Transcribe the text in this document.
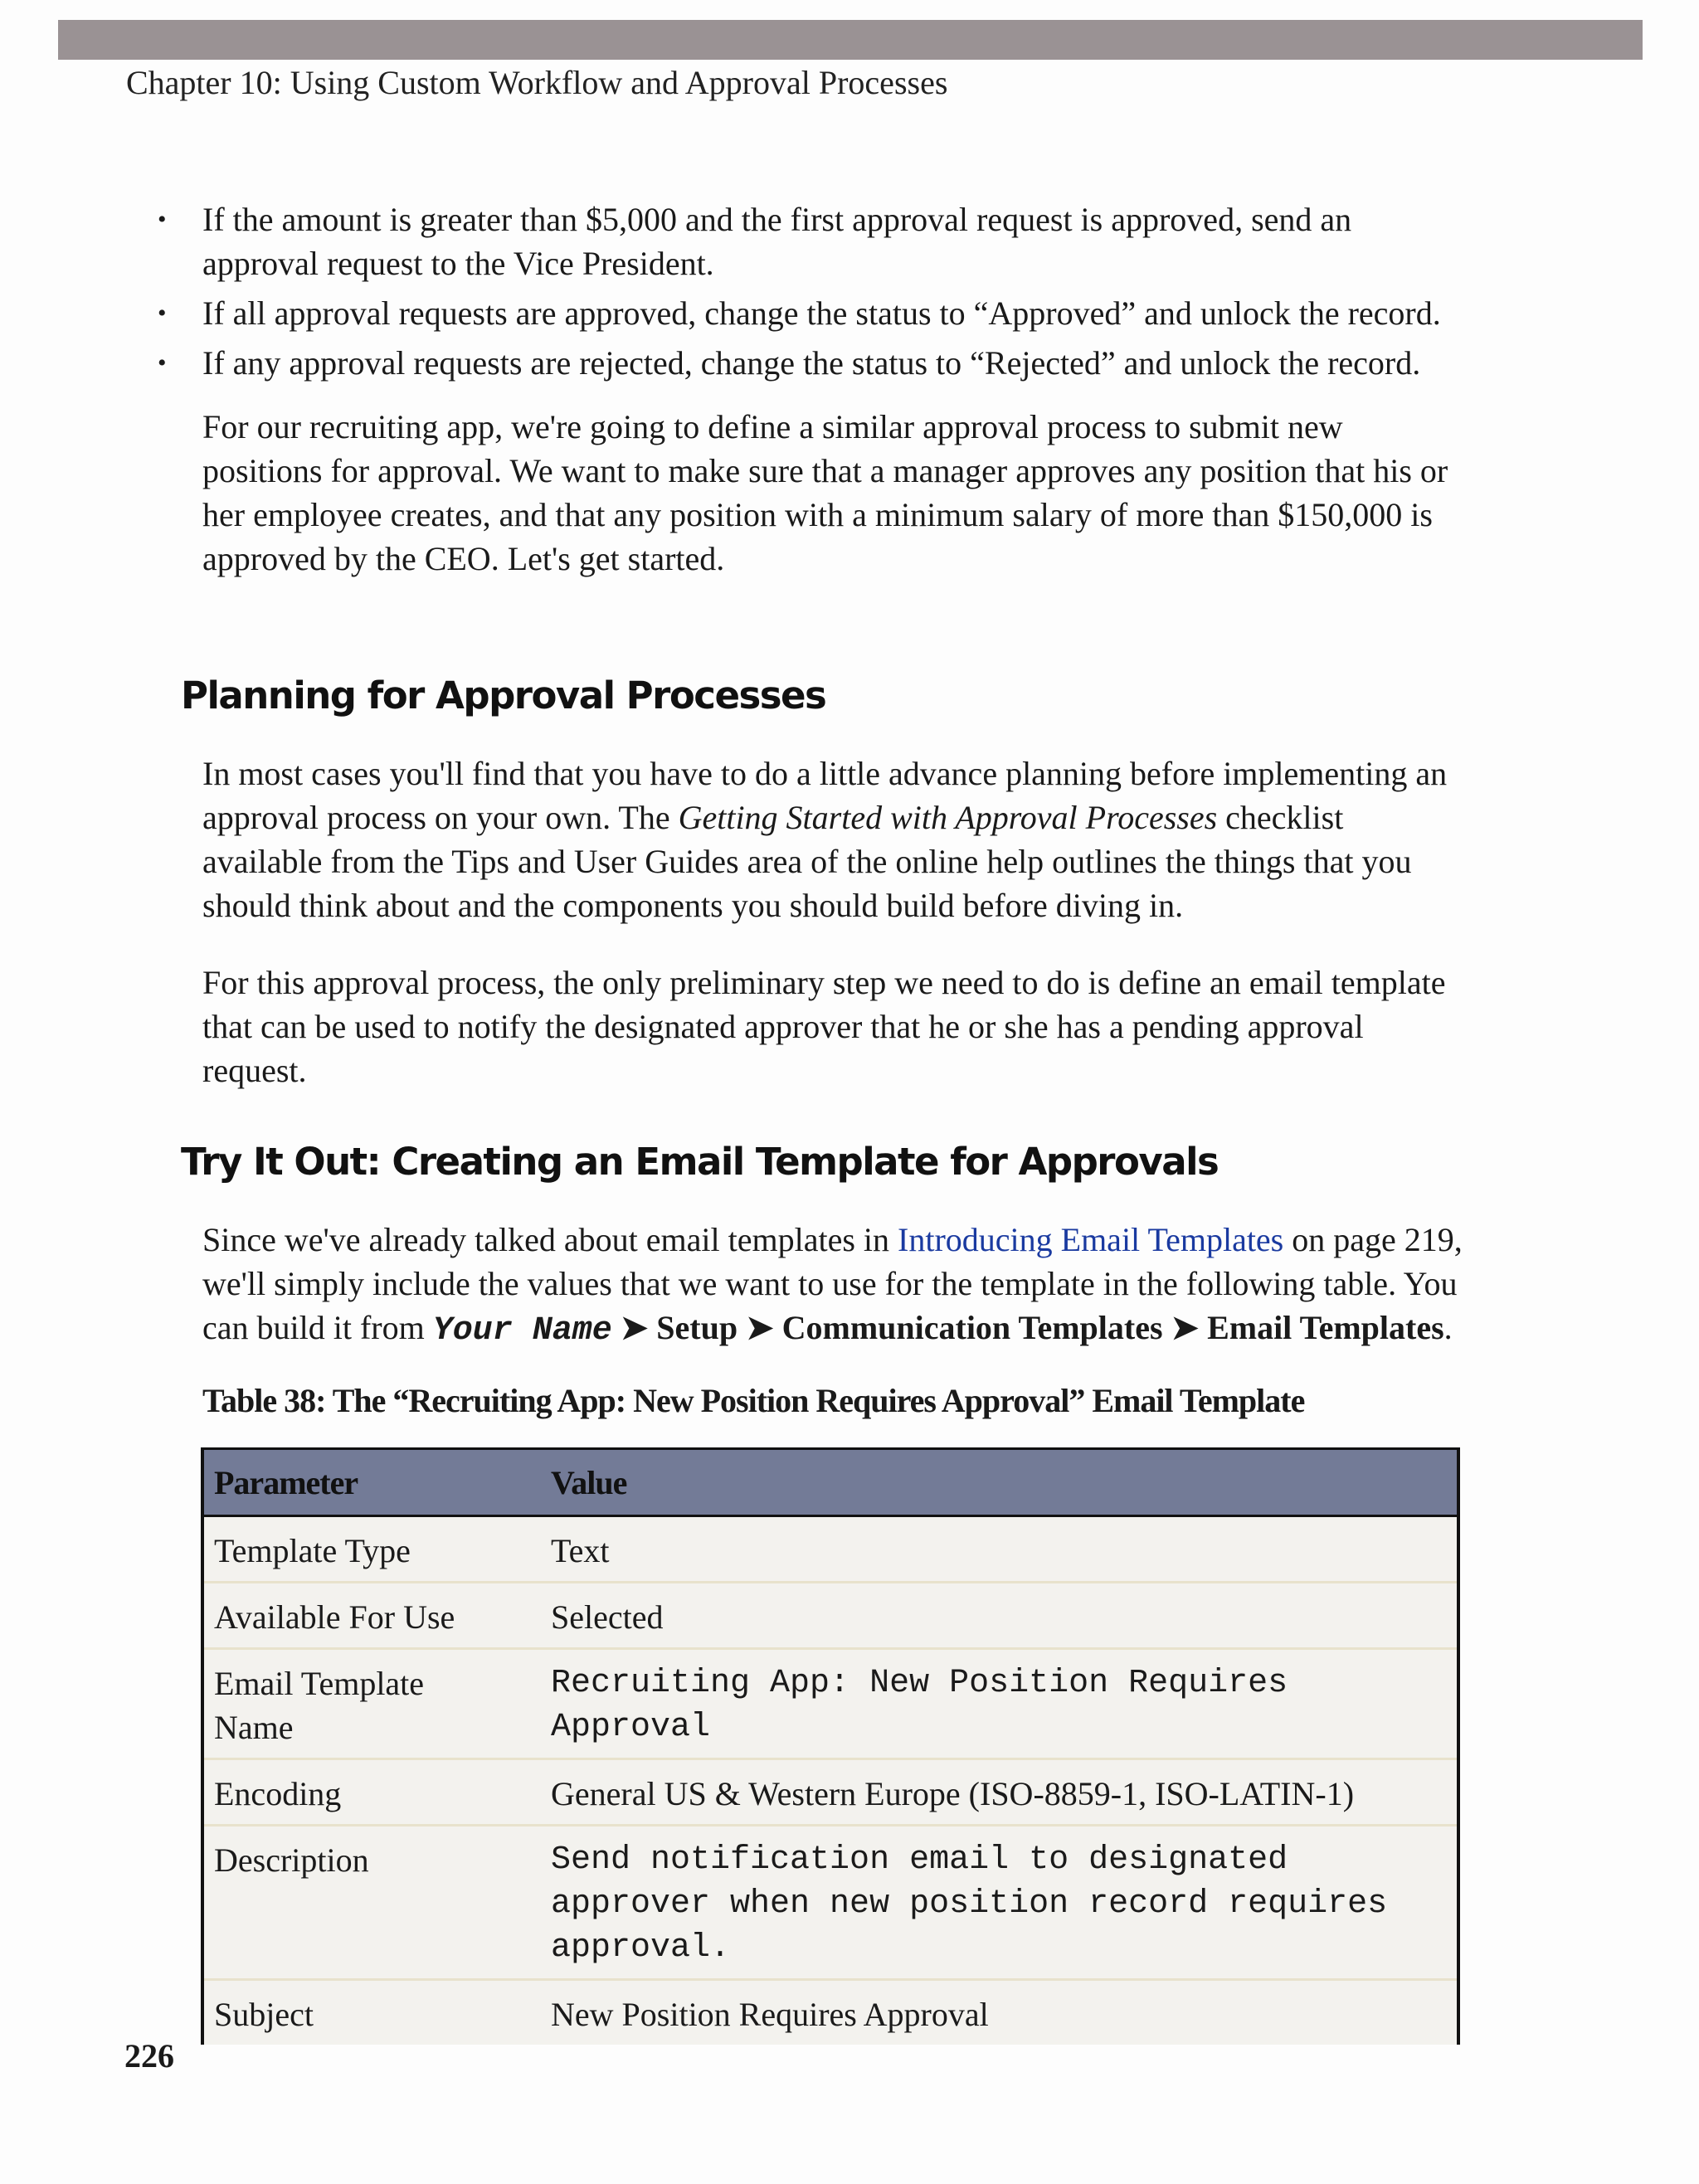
Chapter 10: Using Custom Workflow and Approval Processes
• If the amount is greater than $5,000 and the first approval request is approved, send an approval request to the Vice President.
• If all approval requests are approved, change the status to “Approved” and unlock the record.
• If any approval requests are rejected, change the status to “Rejected” and unlock the record.

For our recruiting app, we're going to define a similar approval process to submit new positions for approval. We want to make sure that a manager approves any position that his or her employee creates, and that any position with a minimum salary of more than $150,000 is approved by the CEO. Let's get started.

Planning for Approval Processes

In most cases you'll find that you have to do a little advance planning before implementing an approval process on your own. The Getting Started with Approval Processes checklist available from the Tips and User Guides area of the online help outlines the things that you should think about and the components you should build before diving in.

For this approval process, the only preliminary step we need to do is define an email template that can be used to notify the designated approver that he or she has a pending approval request.

Try It Out: Creating an Email Template for Approvals

Since we've already talked about email templates in Introducing Email Templates on page 219, we'll simply include the values that we want to use for the template in the following table. You can build it from Your Name ➤ Setup ➤ Communication Templates ➤ Email Templates.

Table 38: The “Recruiting App: New Position Requires Approval” Email Template

Parameter	Value
Template Type	Text
Available For Use	Selected
Email Template Name	Recruiting App: New Position Requires Approval
Encoding	General US & Western Europe (ISO-8859-1, ISO-LATIN-1)
Description	Send notification email to designated approver when new position record requires approval.
Subject	New Position Requires Approval
226
